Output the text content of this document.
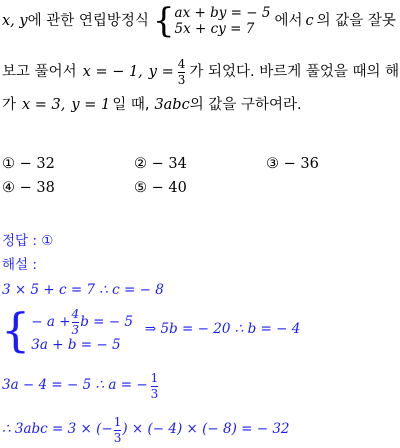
x, y 에 관한 연립방정식 { ax + by = − 5
5x + cy = 7
에서 c 의 값을 잘못
보고 풀어서 x = − 1, $y = \frac{4}{3}$ 가 되었다. 바르게 풀었을 때의 해
가 x = 3, y = 1 일 때, 3abc 의 값을 구하여라.
① − 32	② − 34	③ − 36
④ − 38	⑤ − 40
정답 : ①
해설 :
3 × 5 + c = 7 ∴ c = − 8
{ − $a + \frac{4}{3}$ b = − 5
3a + b = − 5
⇒ 5b = − 20 ∴ b = − 4
3a − 4 = − 5 ∴ a = − $\frac{1}{3}$
∴ 3abc = 3 × (− $\frac{1}{3}$ ) × (− 4) × (− 8) = − 32
